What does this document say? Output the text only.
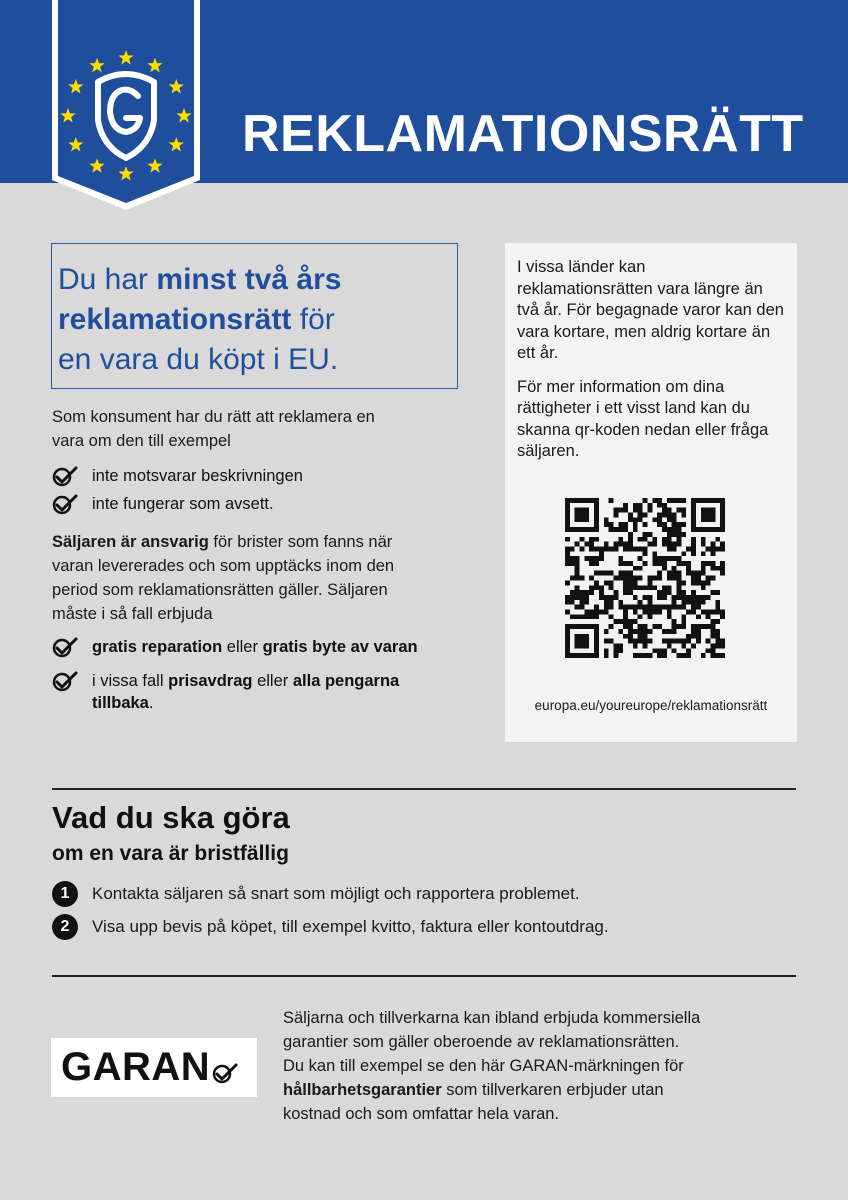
REKLAMATIONSRÄTT
Du har minst två års
reklamationsrätt för
en vara du köpt i EU.
Som konsument har du rätt att reklamera en
vara om den till exempel
inte motsvarar beskrivningen
inte fungerar som avsett.
Säljaren är ansvarig för brister som fanns när
varan levererades och som upptäcks inom den
period som reklamationsrätten gäller. Säljaren
måste i så fall erbjuda
gratis reparation eller gratis byte av varan
i vissa fall prisavdrag eller alla pengarna
tillbaka.

I vissa länder kan reklamationsrätten vara längre än två år. För begagnade varor kan den vara kortare, men aldrig kortare än ett år.

För mer information om dina rättigheter i ett visst land kan du skanna qr-koden nedan eller fråga säljaren.

europa.eu/youreurope/reklamationsrätt
Vad du ska göra
om en vara är bristfällig
1	Kontakta säljaren så snart som möjligt och rapportera problemet.
2	Visa upp bevis på köpet, till exempel kvitto, faktura eller kontoutdrag.
GARAN
Säljarna och tillverkarna kan ibland erbjuda kommersiella
garantier som gäller oberoende av reklamationsrätten.
Du kan till exempel se den här GARAN-märkningen för
hållbarhetsgarantier som tillverkaren erbjuder utan
kostnad och som omfattar hela varan.
